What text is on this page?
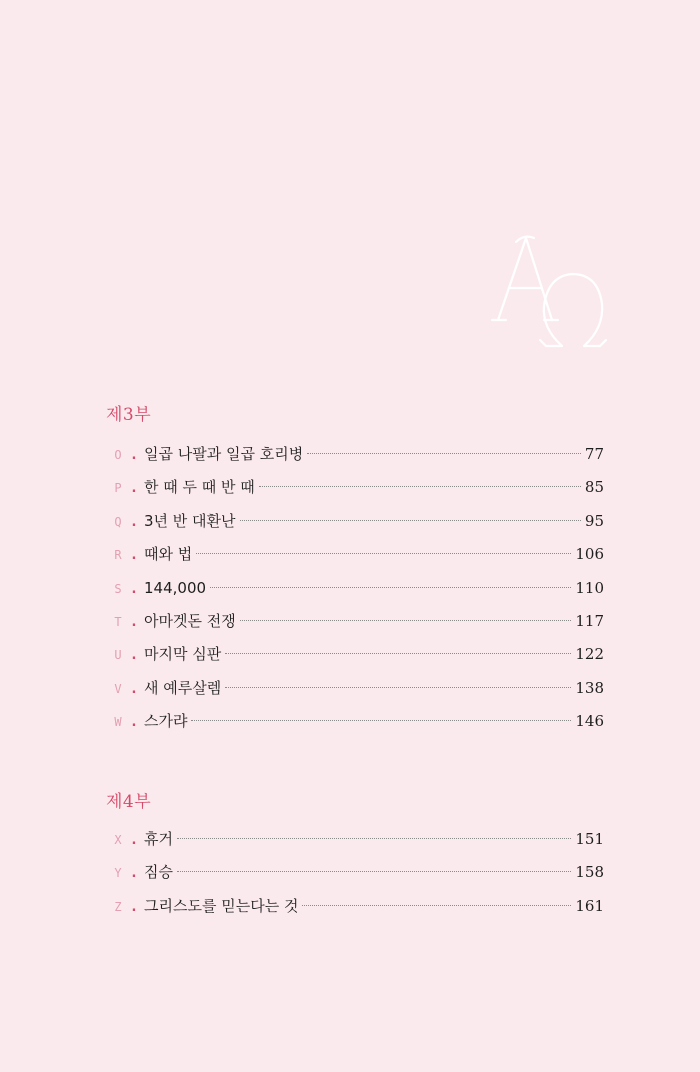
제3부
O . 일곱 나팔과 일곱 호리병	77
P . 한 때 두 때 반 때	85
Q . 3년 반 대환난	95
R . 때와 법	106
S . 144,000	110
T . 아마겟돈 전쟁	117
U . 마지막 심판	122
V . 새 예루살렘	138
W . 스가랴	146
제4부
X . 휴거	151
Y . 짐승	158
Z . 그리스도를 믿는다는 것	161
